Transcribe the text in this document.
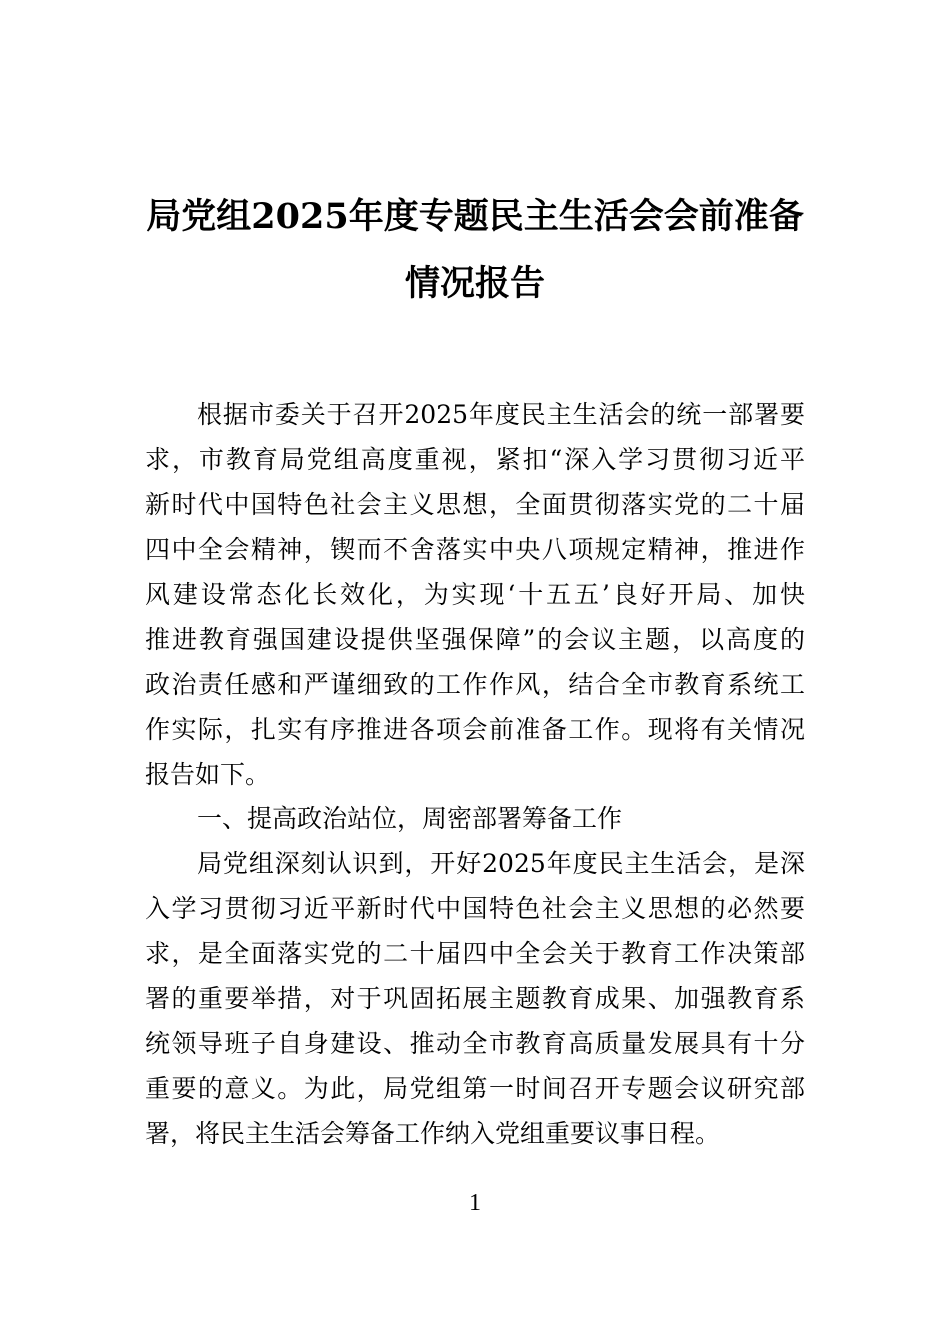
局党组2025年度专题民主生活会会前准备
情况报告
根据市委关于召开2025年度民主生活会的统一部署要
求，市教育局党组高度重视，紧扣“深入学习贯彻习近平
新时代中国特色社会主义思想，全面贯彻落实党的二十届
四中全会精神，锲而不舍落实中央八项规定精神，推进作
风建设常态化长效化，为实现‘十五五’良好开局、加快
推进教育强国建设提供坚强保障”的会议主题，以高度的
政治责任感和严谨细致的工作作风，结合全市教育系统工
作实际，扎实有序推进各项会前准备工作。现将有关情况
报告如下。
一、提高政治站位，周密部署筹备工作
局党组深刻认识到，开好2025年度民主生活会，是深
入学习贯彻习近平新时代中国特色社会主义思想的必然要
求，是全面落实党的二十届四中全会关于教育工作决策部
署的重要举措，对于巩固拓展主题教育成果、加强教育系
统领导班子自身建设、推动全市教育高质量发展具有十分
重要的意义。为此，局党组第一时间召开专题会议研究部
署，将民主生活会筹备工作纳入党组重要议事日程。
1
